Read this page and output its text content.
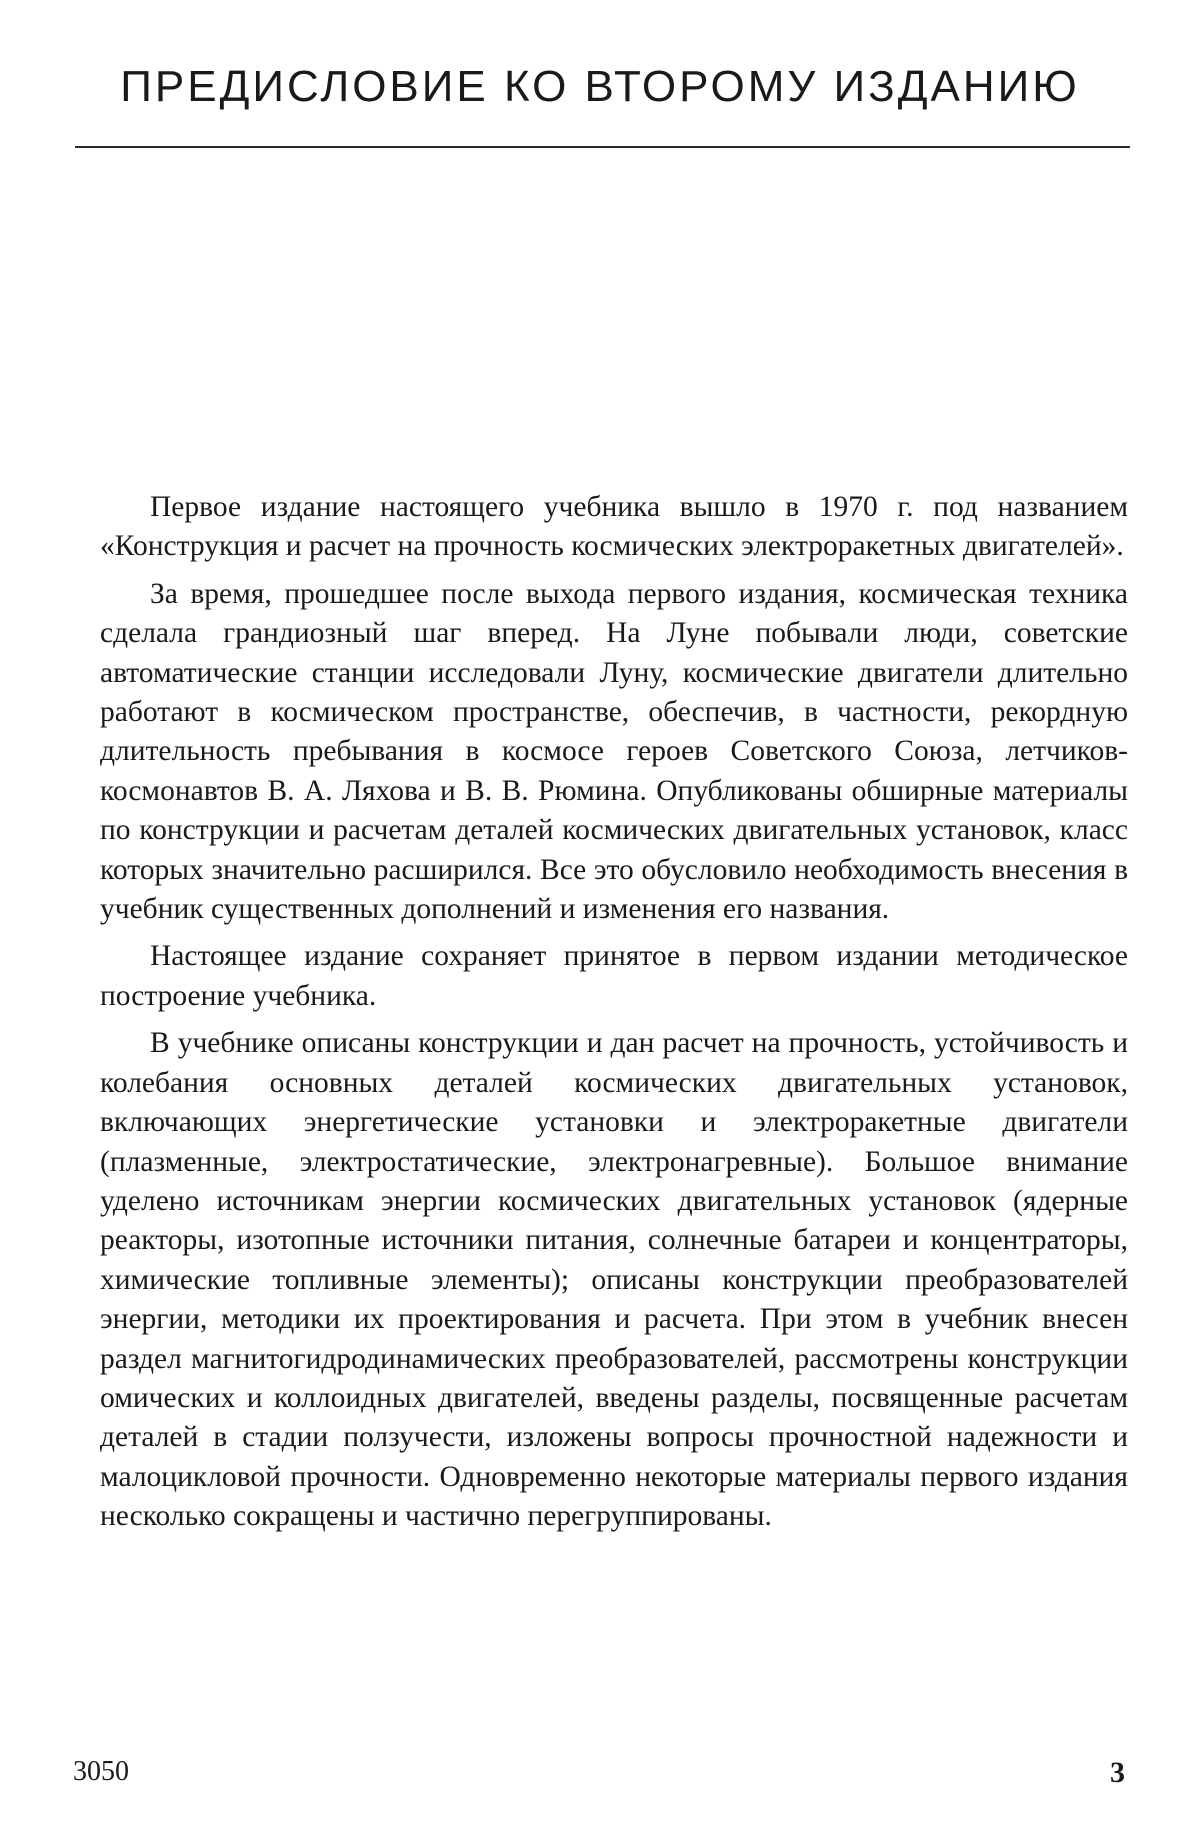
ПРЕДИСЛОВИЕ КО ВТОРОМУ ИЗДАНИЮ

Первое издание настоящего учебника вышло в 1970 г. под названием «Конструкция и расчет на прочность космических электроракетных двигателей».

За время, прошедшее после выхода первого издания, космическая техника сделала грандиозный шаг вперед. На Луне побывали люди, советские автоматические станции исследовали Луну, космические двигатели длительно работают в космическом пространстве, обеспечив, в частности, рекордную длительность пребывания в космосе героев Советского Союза, летчиков-космонавтов В. А. Ляхова и В. В. Рюмина. Опубликованы обширные материалы по конструкции и расчетам деталей космических двигательных установок, класс которых значительно расширился. Все это обусловило необходимость внесения в учебник существенных дополнений и изменения его названия.

Настоящее издание сохраняет принятое в первом издании методическое построение учебника.

В учебнике описаны конструкции и дан расчет на прочность, устойчивость и колебания основных деталей космических двигательных установок, включающих энергетические установки и электроракетные двигатели (плазменные, электростатические, электронагревные). Большое внимание уделено источникам энергии космических двигательных установок (ядерные реакторы, изотопные источники питания, солнечные батареи и концентраторы, химические топливные элементы); описаны конструкции преобразователей энергии, методики их проектирования и расчета. При этом в учебник внесен раздел магнитогидродинамических преобразователей, рассмотрены конструкции омических и коллоидных двигателей, введены разделы, посвященные расчетам деталей в стадии ползучести, изложены вопросы прочностной надежности и малоцикловой прочности. Одновременно некоторые материалы первого издания несколько сокращены и частично перегруппированы.

3050	3
